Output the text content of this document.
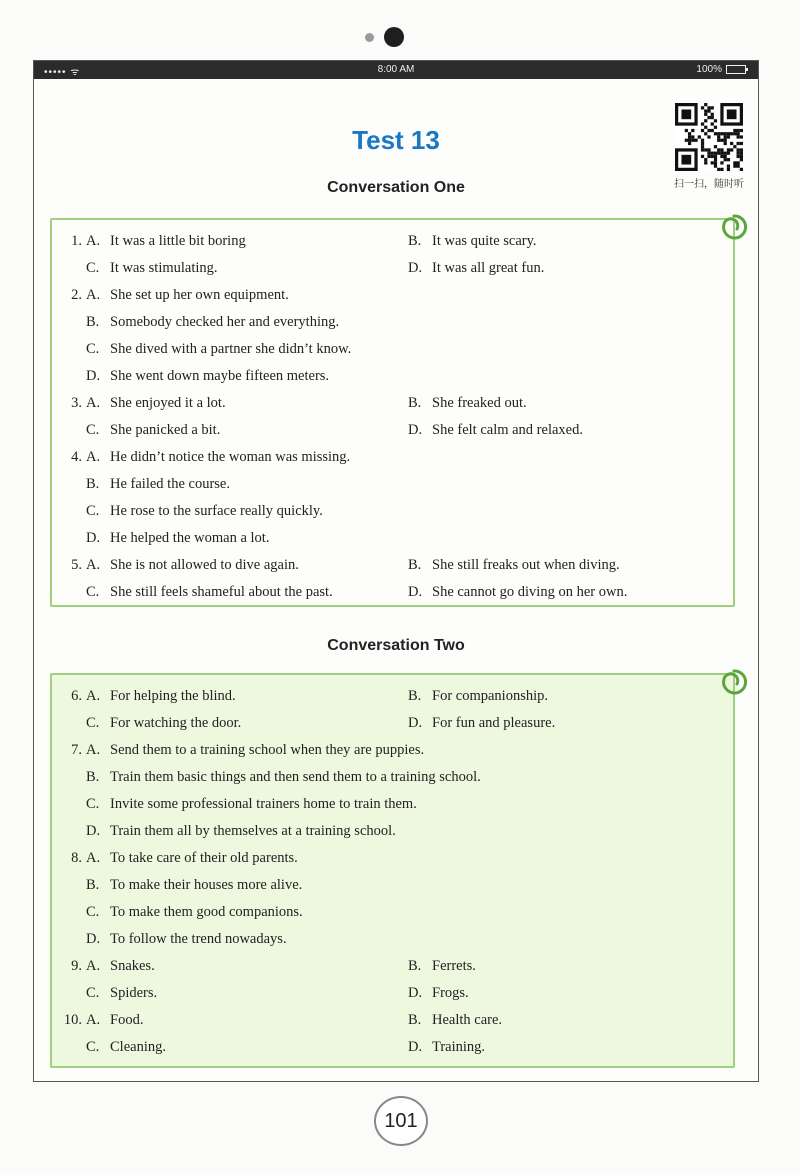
••••• ᯤ	8:00 AM	100%
Test 13
扫一扫，随时听
Conversation One
1. A. It was a little bit boring	B. It was quite scary.
C. It was stimulating.	D. It was all great fun.
2. A. She set up her own equipment.
B. Somebody checked her and everything.
C. She dived with a partner she didn’t know.
D. She went down maybe fifteen meters.
3. A. She enjoyed it a lot.	B. She freaked out.
C. She panicked a bit.	D. She felt calm and relaxed.
4. A. He didn’t notice the woman was missing.
B. He failed the course.
C. He rose to the surface really quickly.
D. He helped the woman a lot.
5. A. She is not allowed to dive again.	B. She still freaks out when diving.
C. She still feels shameful about the past.	D. She cannot go diving on her own.
Conversation Two
6. A. For helping the blind.	B. For companionship.
C. For watching the door.	D. For fun and pleasure.
7. A. Send them to a training school when they are puppies.
B. Train them basic things and then send them to a training school.
C. Invite some professional trainers home to train them.
D. Train them all by themselves at a training school.
8. A. To take care of their old parents.
B. To make their houses more alive.
C. To make them good companions.
D. To follow the trend nowadays.
9. A. Snakes.	B. Ferrets.
C. Spiders.	D. Frogs.
10. A. Food.	B. Health care.
C. Cleaning.	D. Training.
101
